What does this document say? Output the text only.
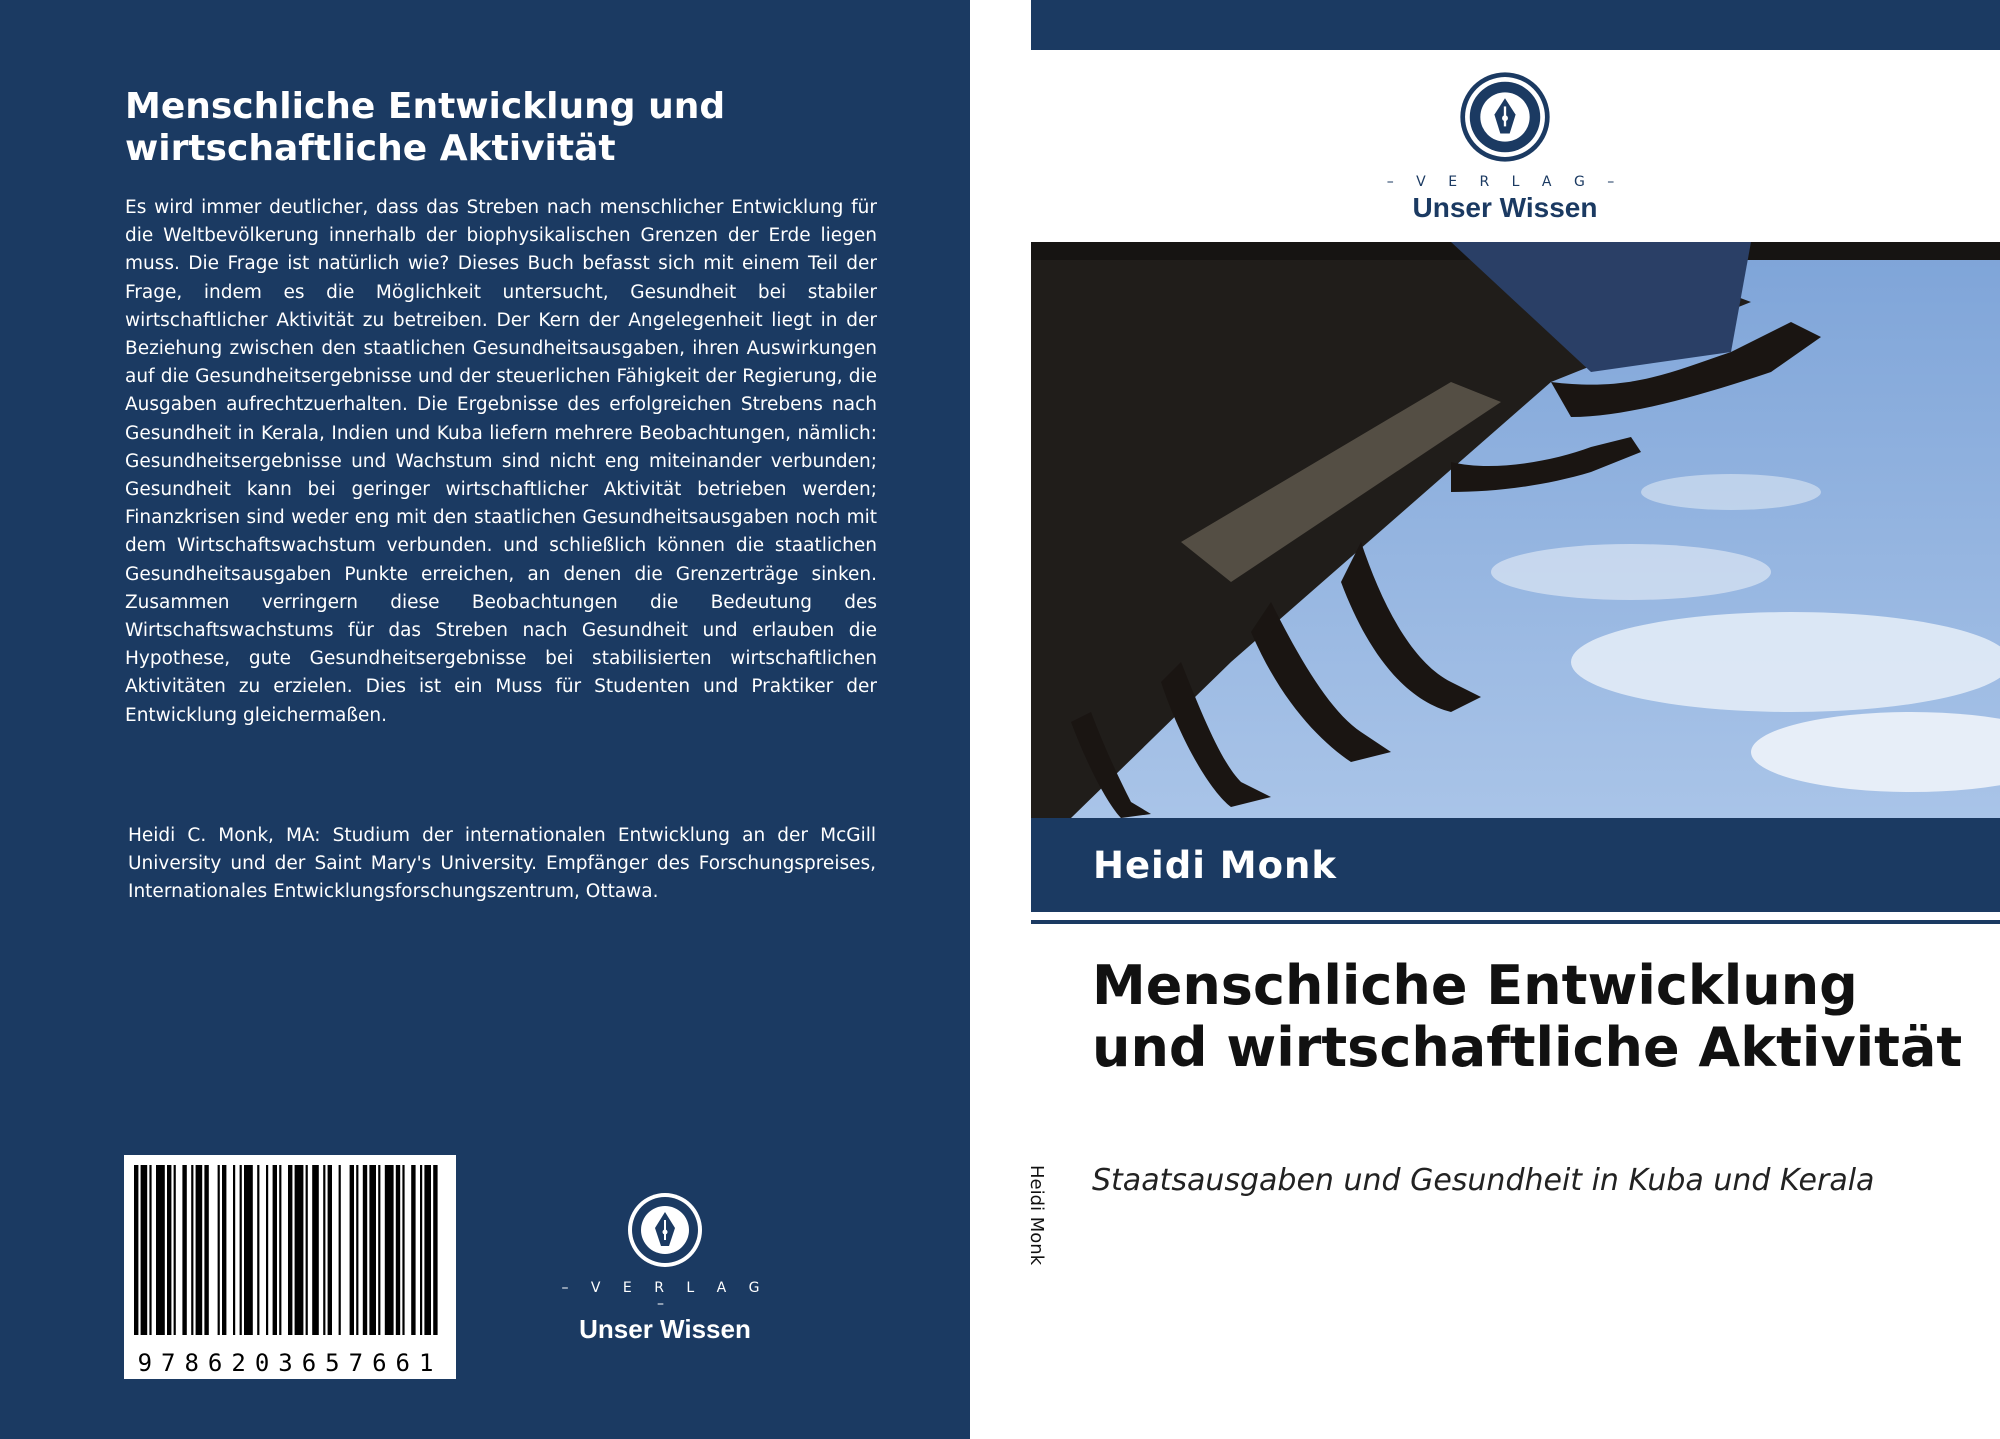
Menschliche Entwicklung und wirtschaftliche Aktivität
Es wird immer deutlicher, dass das Streben nach menschlicher Entwicklung für die Weltbevölkerung innerhalb der biophysikalischen Grenzen der Erde liegen muss. Die Frage ist natürlich wie? Dieses Buch befasst sich mit einem Teil der Frage, indem es die Möglichkeit untersucht, Gesundheit bei stabiler wirtschaftlicher Aktivität zu betreiben. Der Kern der Angelegenheit liegt in der Beziehung zwischen den staatlichen Gesundheitsausgaben, ihren Auswirkungen auf die Gesundheitsergebnisse und der steuerlichen Fähigkeit der Regierung, die Ausgaben aufrechtzuerhalten. Die Ergebnisse des erfolgreichen Strebens nach Gesundheit in Kerala, Indien und Kuba liefern mehrere Beobachtungen, nämlich: Gesundheitsergebnisse und Wachstum sind nicht eng miteinander verbunden; Gesundheit kann bei geringer wirtschaftlicher Aktivität betrieben werden; Finanzkrisen sind weder eng mit den staatlichen Gesundheitsausgaben noch mit dem Wirtschaftswachstum verbunden. und schließlich können die staatlichen Gesundheitsausgaben Punkte erreichen, an denen die Grenzerträge sinken. Zusammen verringern diese Beobachtungen die Bedeutung des Wirtschaftswachstums für das Streben nach Gesundheit und erlauben die Hypothese, gute Gesundheitsergebnisse bei stabilisierten wirtschaftlichen Aktivitäten zu erzielen. Dies ist ein Muss für Studenten und Praktiker der Entwicklung gleichermaßen.
Heidi C. Monk, MA: Studium der internationalen Entwicklung an der McGill University und der Saint Mary's University. Empfänger des Forschungspreises, Internationales Entwicklungsforschungszentrum, Ottawa.
9786203657661
– V E R L A G –
Unser Wissen
Heidi Monk
– V E R L A G –
Unser Wissen
Heidi Monk
Menschliche Entwicklung und wirtschaftliche Aktivität
Staatsausgaben und Gesundheit in Kuba und Kerala
